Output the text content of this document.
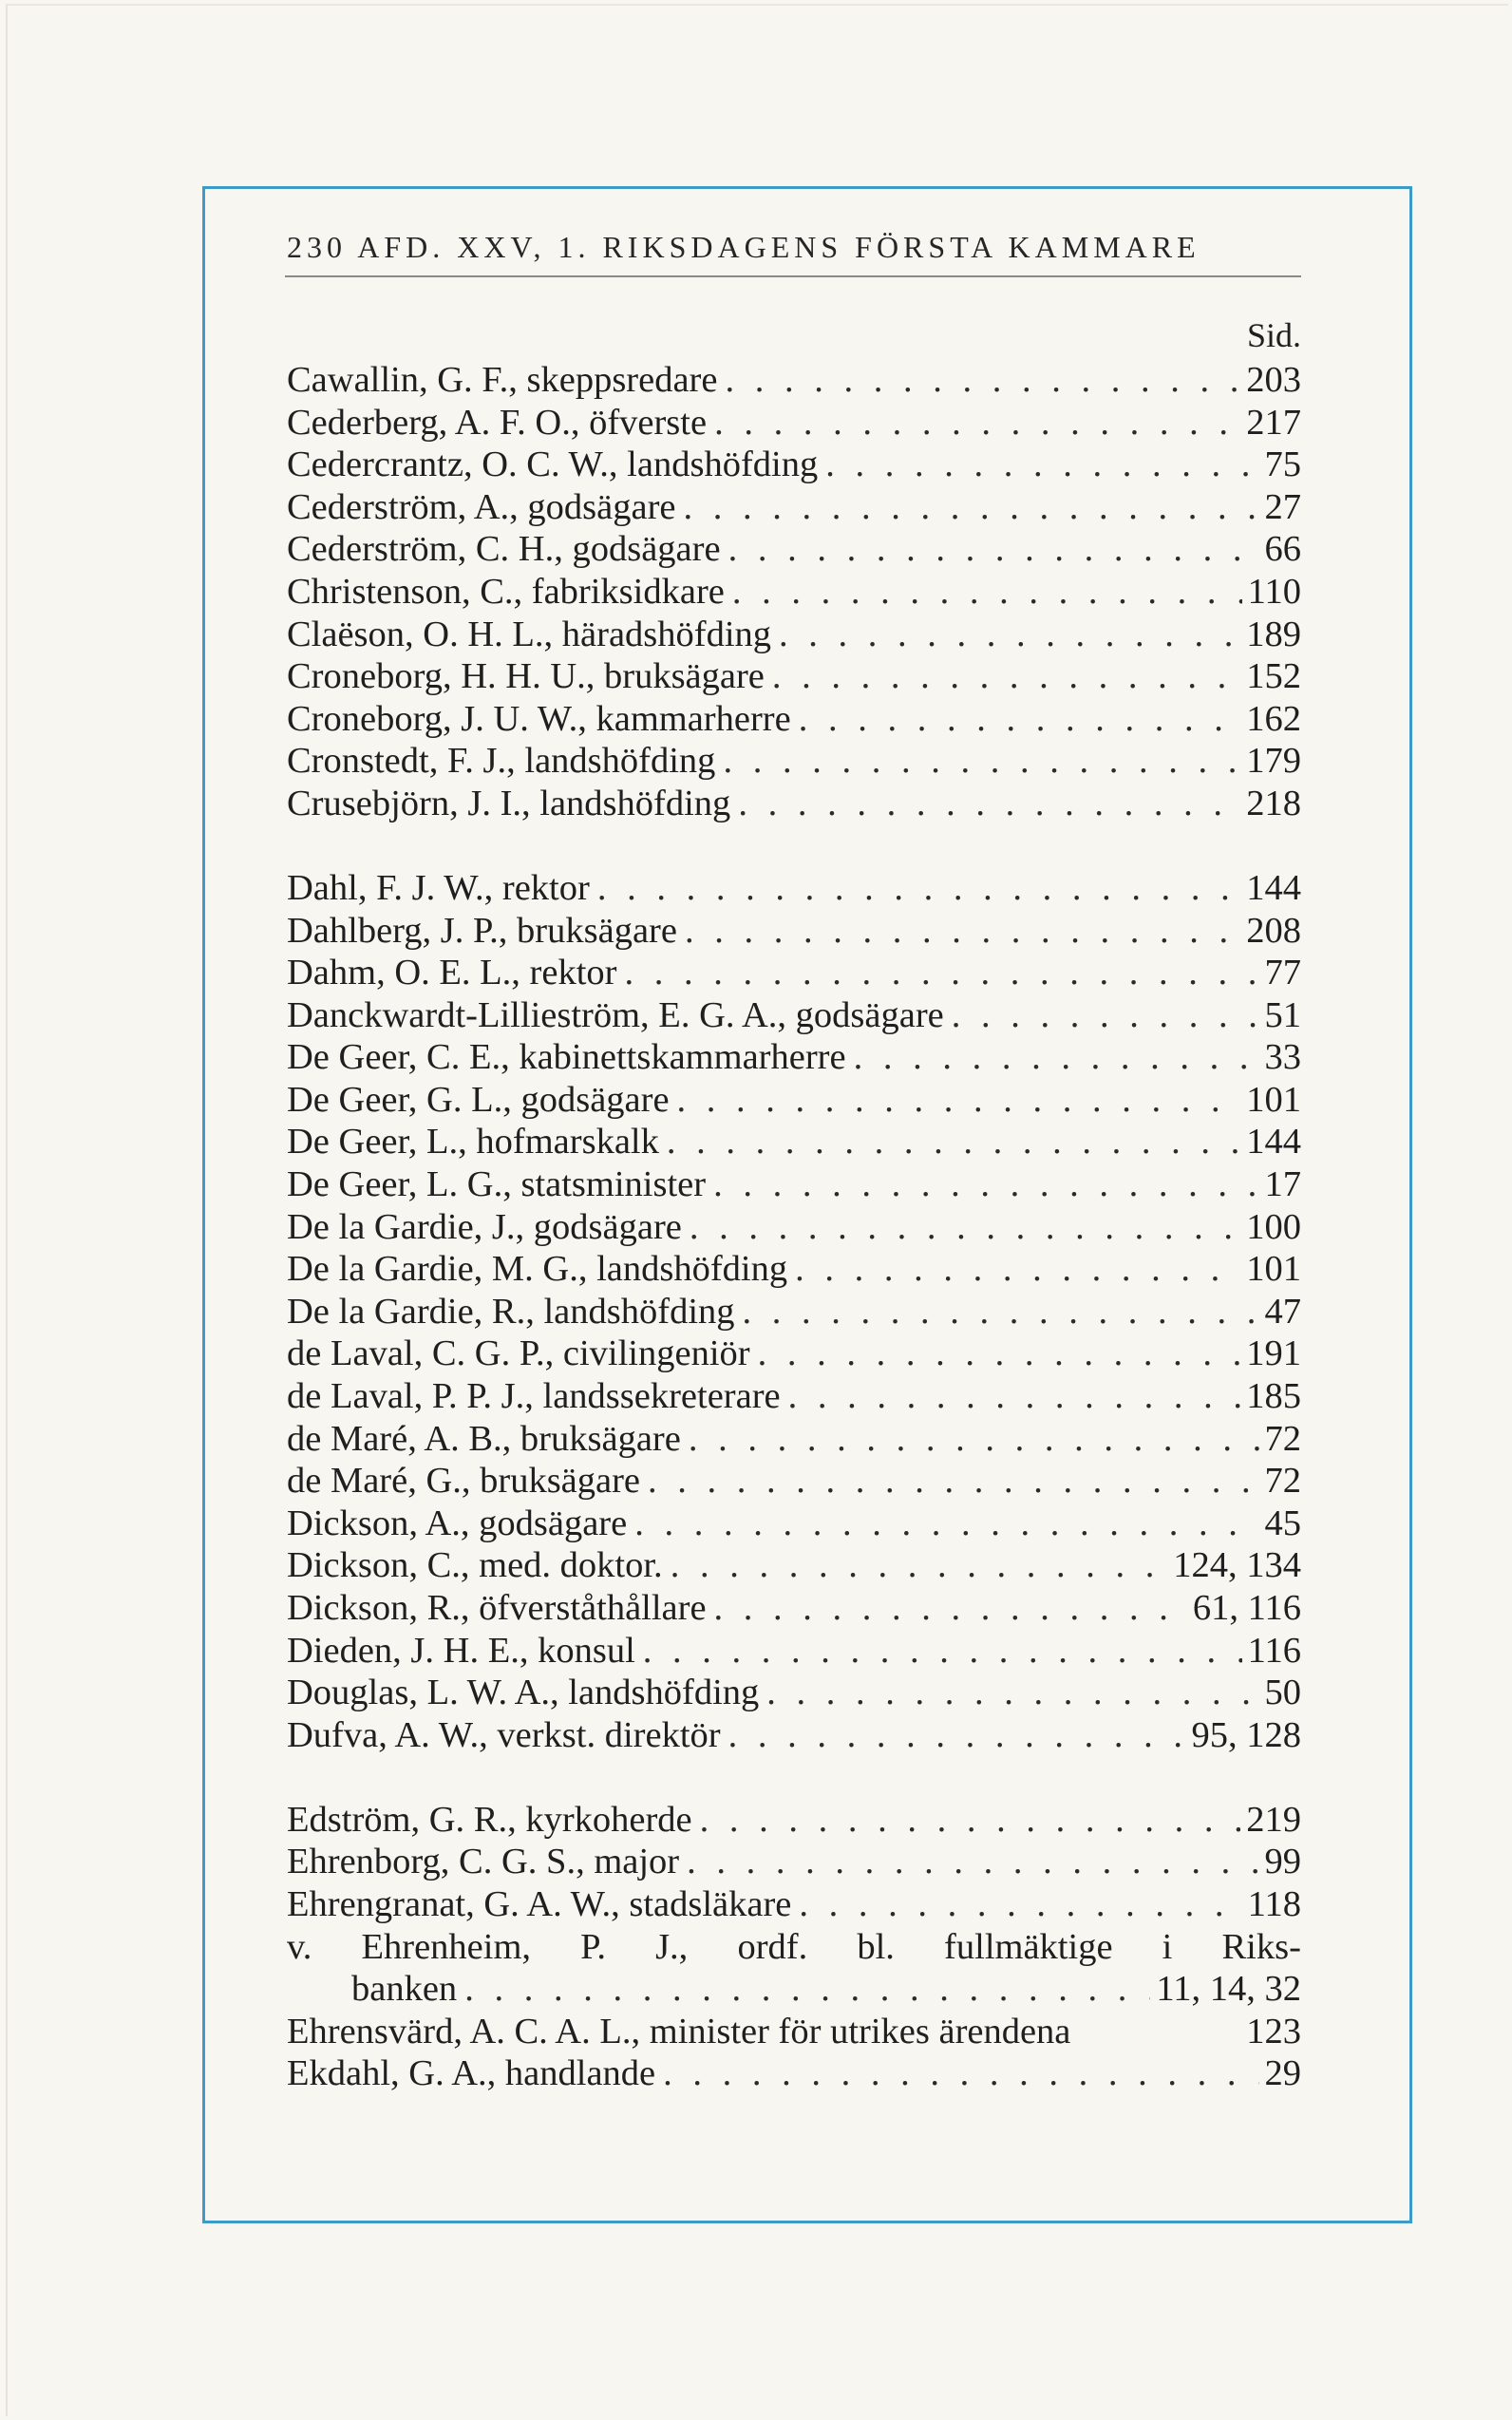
230 AFD. XXV, 1. RIKSDAGENS FÖRSTA KAMMARE
Sid.
Cawallin, G. F., skeppsredare . . .	203
Cederberg, A. F. O., öfverste . . .	217
Cedercrantz, O. C. W., landshöfding . . .	75
Cederström, A., godsägare . . .	27
Cederström, C. H., godsägare . . .	66
Christenson, C., fabriksidkare . . .	110
Claëson, O. H. L., häradshöfding . . .	189
Croneborg, H. H. U., bruksägare . . .	152
Croneborg, J. U. W., kammarherre . . .	162
Cronstedt, F. J., landshöfding . . .	179
Crusebjörn, J. I., landshöfding . . .	218
Dahl, F. J. W., rektor . . .	144
Dahlberg, J. P., bruksägare . . .	208
Dahm, O. E. L., rektor . . .	77
Danckwardt-Lillieström, E. G. A., godsägare . . .	51
De Geer, C. E., kabinettskammarherre . . .	33
De Geer, G. L., godsägare . . .	101
De Geer, L., hofmarskalk . . .	144
De Geer, L. G., statsminister . . .	17
De la Gardie, J., godsägare . . .	100
De la Gardie, M. G., landshöfding . . .	101
De la Gardie, R., landshöfding . . .	47
de Laval, C. G. P., civilingeniör . . .	191
de Laval, P. P. J., landssekreterare . . .	185
de Maré, A. B., bruksägare . . .	72
de Maré, G., bruksägare . . .	72
Dickson, A., godsägare . . .	45
Dickson, C., med. doktor. . . .	124, 134
Dickson, R., öfverståthållare . . .	61, 116
Dieden, J. H. E., konsul . . .	116
Douglas, L. W. A., landshöfding . . .	50
Dufva, A. W., verkst. direktör . . .	95, 128
Edström, G. R., kyrkoherde . . .	219
Ehrenborg, C. G. S., major . . .	99
Ehrengranat, G. A. W., stadsläkare . . .	118
v. Ehrenheim, P. J., ordf. bl. fullmäktige i Riks-
banken . . .	11, 14, 32
Ehrensvärd, A. C. A. L., minister för utrikes ärendena	123
Ekdahl, G. A., handlande . . .	29
